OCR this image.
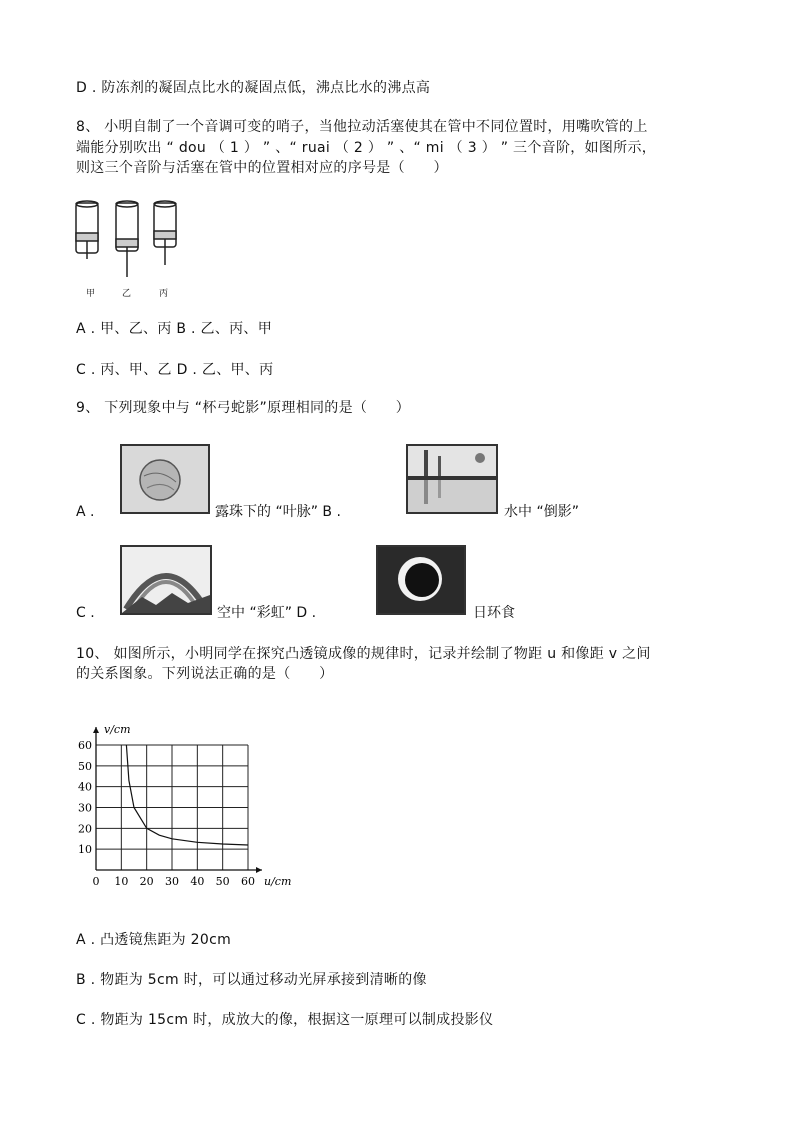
D . 防冻剂的凝固点比水的凝固点低，沸点比水的沸点高
8、 小明自制了一个音调可变的哨子，当他拉动活塞使其在管中不同位置时，用嘴吹管的上
端能分别吹出 “ dou （ 1 ） ” 、“ ruai （ 2 ） ” 、“ mi （ 3 ） ” 三个音阶，如图所示，
则这三个音阶与活塞在管中的位置相对应的序号是（　　）
甲	乙	丙
A . 甲、乙、丙 B . 乙、丙、甲
C . 丙、甲、乙 D . 乙、甲、丙
9、 下列现象中与 “杯弓蛇影”原理相同的是（　　）
A .	露珠下的 “叶脉” B .	水中 “倒影”
C .	空中 “彩虹” D .	日环食
10、 如图所示，小明同学在探究凸透镜成像的规律时，记录并绘制了物距 u 和像距 v 之间
的关系图象。下列说法正确的是（　　）
0 10 20 30 40 50 60
10
20
30
40
50
60
u/cm
v/cm
A . 凸透镜焦距为 20cm
B . 物距为 5cm 时，可以通过移动光屏承接到清晰的像
C . 物距为 15cm 时，成放大的像，根据这一原理可以制成投影仪
